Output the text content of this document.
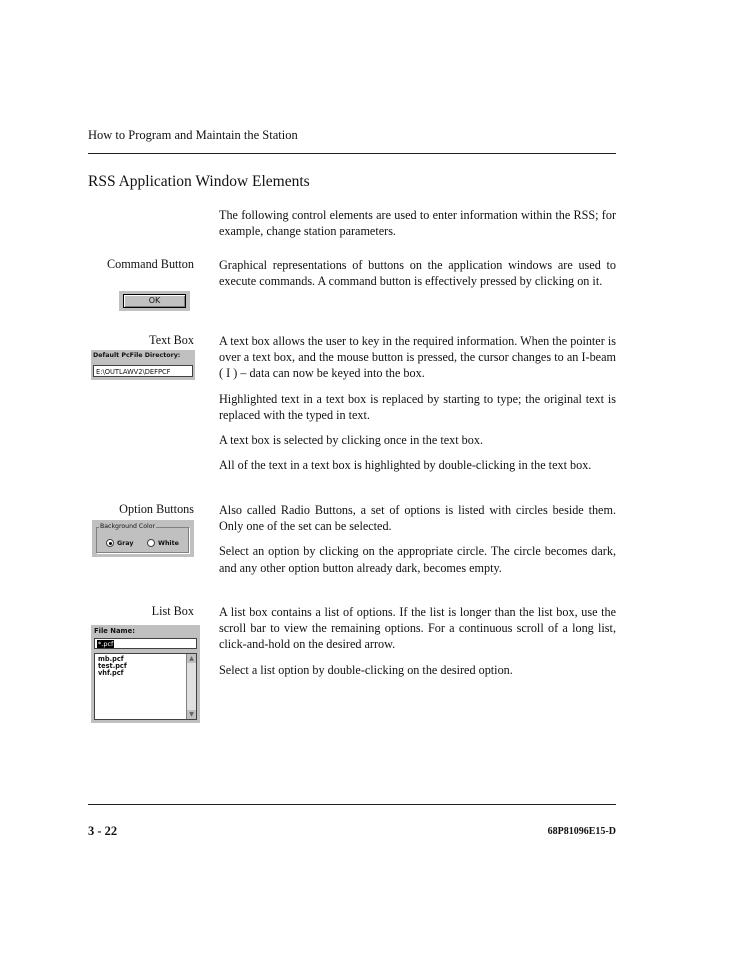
How to Program and Maintain the Station
RSS Application Window Elements

The following control elements are used to enter information within the RSS; for example, change station parameters.

Command Button Graphical representations of buttons on the application windows are used to execute commands. A command button is effectively pressed by clicking on it.

OK
Text Box A text box allows the user to key in the required information. When the pointer is over a text box, and the mouse button is pressed, the cursor changes to an I-beam ( I ) – data can now be keyed into the box.

Highlighted text in a text box is replaced by starting to type; the original text is replaced with the typed in text.

A text box is selected by clicking once in the text box.

All of the text in a text box is highlighted by double-clicking in the text box.

Default PcFile Directory:
E:\OUTLAWV2\DEFPCF
Option Buttons Also called Radio Buttons, a set of options is listed with circles beside them. Only one of the set can be selected.

Select an option by clicking on the appropriate circle. The circle becomes dark, and any other option button already dark, becomes empty.

Background Color
Gray	White
List Box A list box contains a list of options. If the list is longer than the list box, use the scroll bar to view the remaining options. For a continuous scroll of a long list, click-and-hold on the desired arrow.

Select a list option by double-clicking on the desired option.

File Name:
*.pcf
mb.pcf
test.pcf
vhf.pcf
▲
▼
3 - 22	68P81096E15-D
